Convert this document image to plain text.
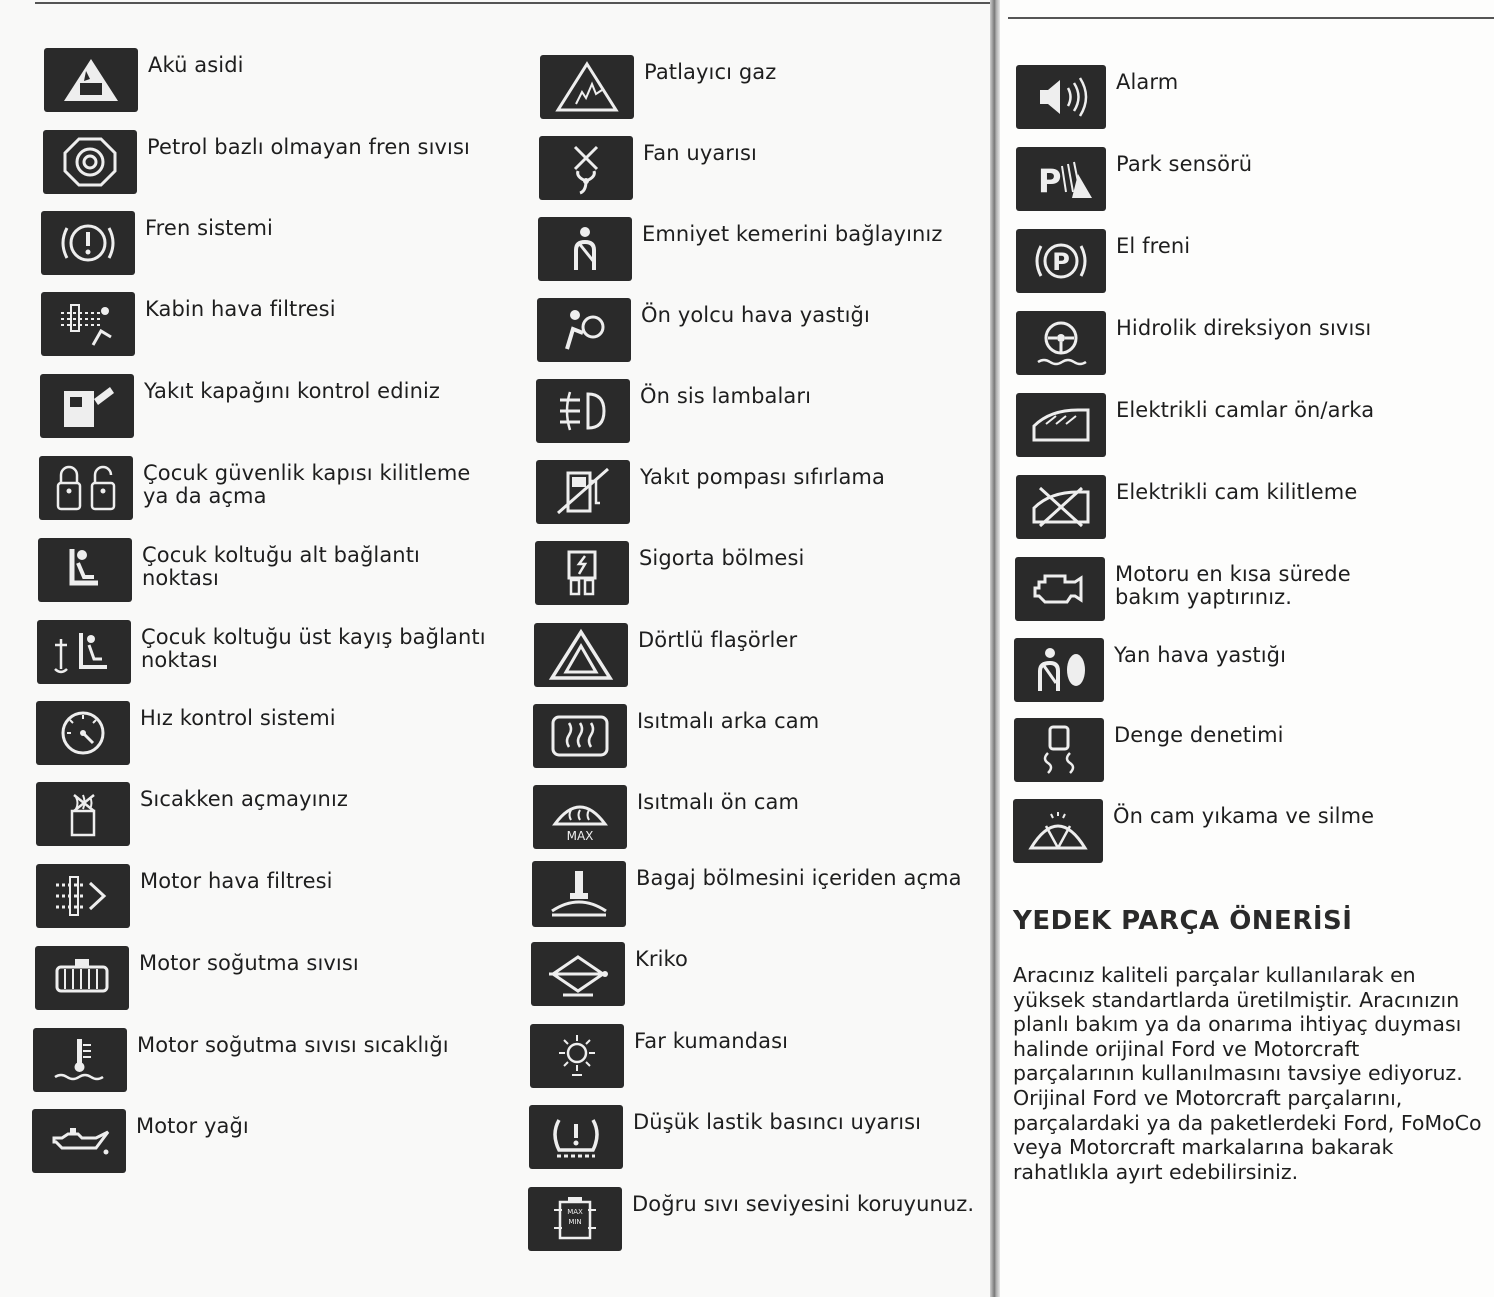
Akü asidi
Petrol bazlı olmayan fren sıvısı
Fren sistemi
Kabin hava filtresi
Yakıt kapağını kontrol ediniz
Çocuk güvenlik kapısı kilitleme ya da açma
Çocuk koltuğu alt bağlantı noktası
Çocuk koltuğu üst kayış bağlantı noktası
Hız kontrol sistemi
Sıcakken açmayınız
Motor hava filtresi
Motor soğutma sıvısı
Motor soğutma sıvısı sıcaklığı
Motor yağı
Patlayıcı gaz
Fan uyarısı
Emniyet kemerini bağlayınız
Ön yolcu hava yastığı
Ön sis lambaları
Yakıt pompası sıfırlama
Sigorta bölmesi
Dörtlü flaşörler
Isıtmalı arka cam
MAX
Isıtmalı ön cam
Bagaj bölmesini içeriden açma
Kriko
Far kumandası
Düşük lastik basıncı uyarısı
MAX
MIN
Doğru sıvı seviyesini koruyunuz.
Alarm
P	Park sensörü
P
El freni
Hidrolik direksiyon sıvısı
Elektrikli camlar ön/arka
Elektrikli cam kilitleme
Motoru en kısa sürede bakım yaptırınız.
Yan hava yastığı
Denge denetimi
Ön cam yıkama ve silme
YEDEK PARÇA ÖNERİSİ
Aracınız kaliteli parçalar kullanılarak en yüksek standartlarda üretilmiştir. Aracınızın planlı bakım ya da onarıma ihtiyaç duyması halinde orijinal Ford ve Motorcraft parçalarının kullanılmasını tavsiye ediyoruz. Orijinal Ford ve Motorcraft parçalarını, parçalardaki ya da paketlerdeki Ford, FoMoCo veya Motorcraft markalarına bakarak rahatlıkla ayırt edebilirsiniz.
